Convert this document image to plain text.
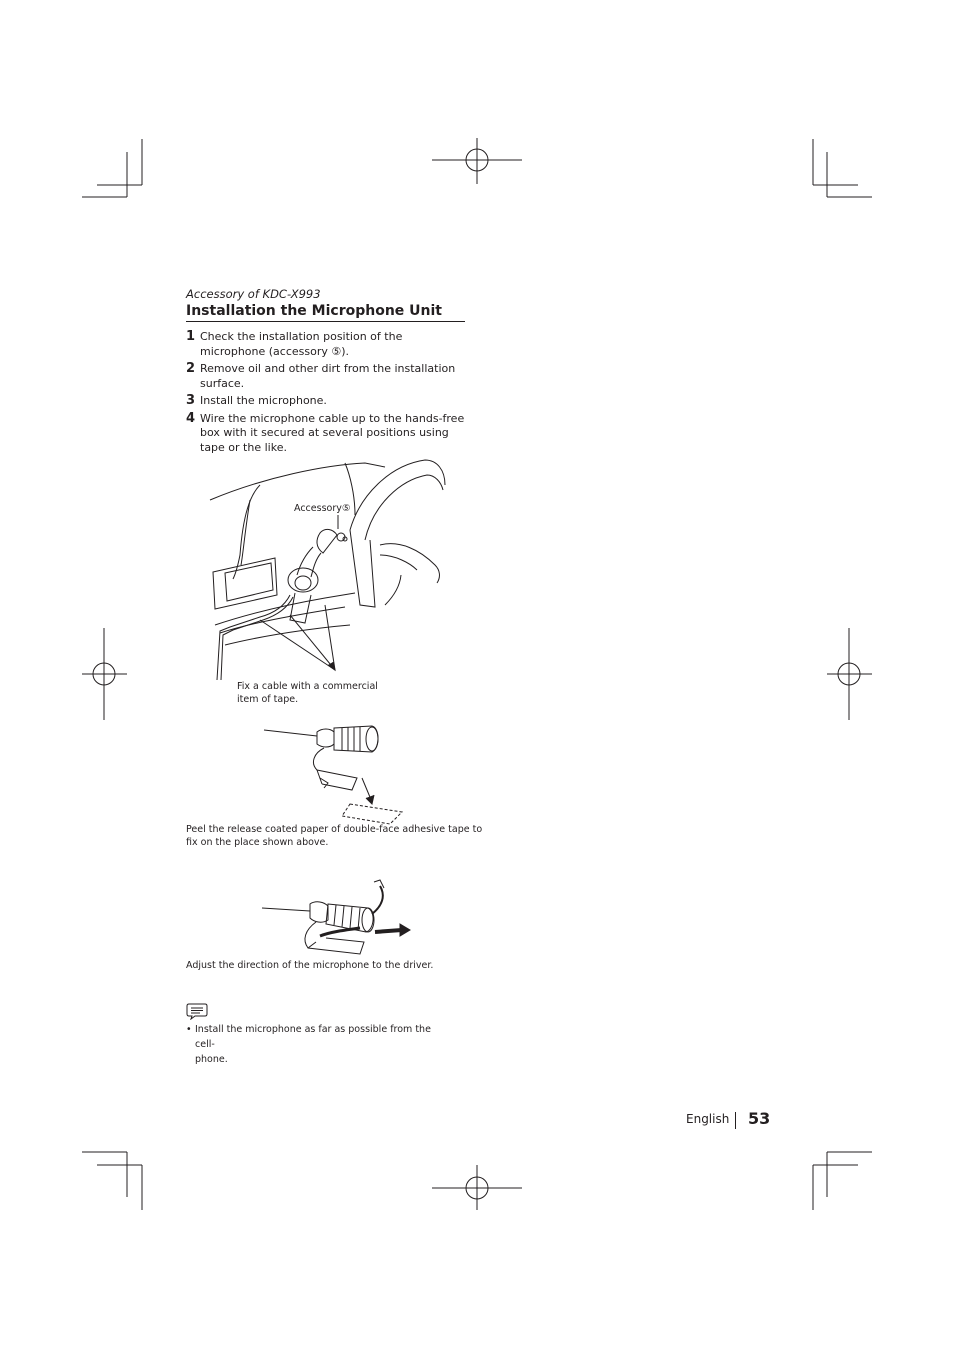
Accessory of KDC-X993
Installation the Microphone Unit
1 Check the installation position of the microphone (accessory ⑤).
2 Remove oil and other dirt from the installation surface.
3 Install the microphone.
4 Wire the microphone cable up to the hands-free box with it secured at several positions using tape or the like.
Accessory⑤
Fix a cable with a commercial
item of tape.
Peel the release coated paper of double-face adhesive tape to
fix on the place shown above.
Adjust the direction of the microphone to the driver.
• Install the microphone as far as possible from the cell-
phone.
English 53
